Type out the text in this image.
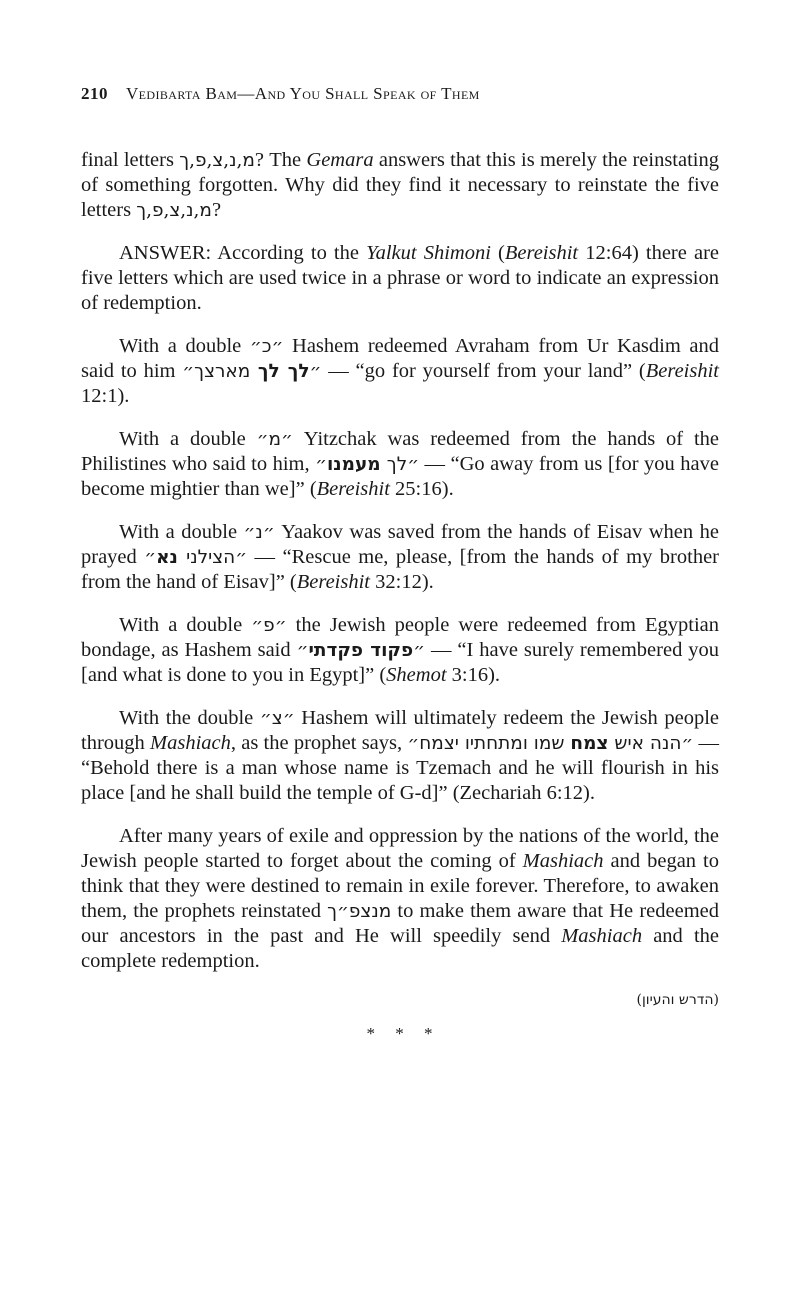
210 Vedibarta Bam—And You Shall Speak of Them

final letters מ,נ,צ,פ,ך? The Gemara answers that this is merely the reinstating of something forgotten. Why did they find it necessary to reinstate the five letters מ,נ,צ,פ,ך?

ANSWER: According to the Yalkut Shimoni (Bereishit 12:64) there are five letters which are used twice in a phrase or word to indicate an expression of redemption.

With a double ״כ״ Hashem redeemed Avraham from Ur Kasdim and said to him	״לך לך מארצך״	— “go for yourself from your land” (Bereishit 12:1).

With a double ״מ״ Yitzchak was redeemed from the hands of the Philistines who said to him,	״לך מעמנו״	— “Go away from us [for you have become mightier than we]” (Bereishit 25:16).

With a double ״נ״ Yaakov was saved from the hands of Eisav when he prayed ״הצילני נא״	— “Rescue me, please, [from the hands of my brother from the hand of Eisav]” (Bereishit 32:12).

With a double ״פ״ the Jewish people were redeemed from Egyptian bondage, as Hashem said	״פקוד פקדתי״	— “I have surely remembered you [and what is done to you in Egypt]” (Shemot 3:16).

With the double ״צ״ Hashem will ultimately redeem the Jewish people through Mashiach, as the prophet says,	״הנה איש צמח שמו ומתחתיו יצמח״	— “Behold there is a man whose name is Tzemach and he will flourish in his place [and he shall build the temple of G-d]” (Zechariah 6:12).

After many years of exile and oppression by the nations of the world, the Jewish people started to forget about the coming of Mashiach and began to think that they were destined to remain in exile forever. Therefore, to awaken them, the prophets reinstated מנצפ״ך to make them aware that He redeemed our ancestors in the past and He will speedily send Mashiach and the complete redemption.

(הדרש והעיון)
* * *
